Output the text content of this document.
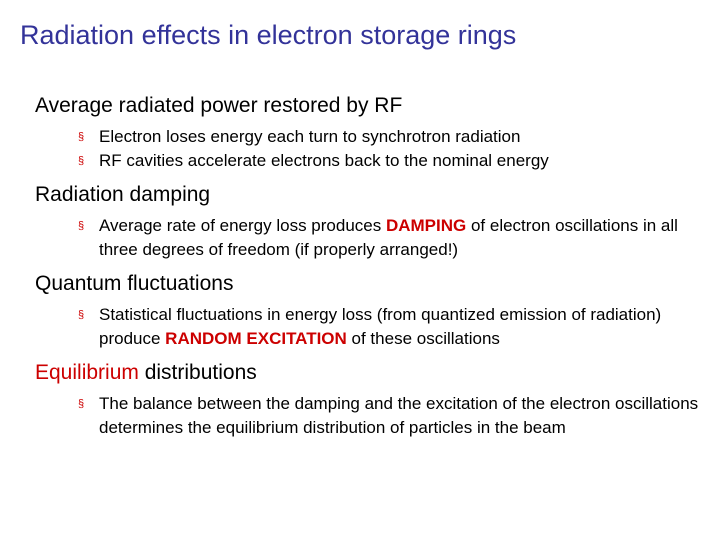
Radiation effects in electron storage rings
Average radiated power restored by RF
§ Electron loses energy each turn to synchrotron radiation
§ RF cavities accelerate electrons back to the nominal energy
Radiation damping
§ Average rate of energy loss produces DAMPING of electron oscillations in all three degrees of freedom (if properly arranged!)
Quantum fluctuations
§ Statistical fluctuations in energy loss (from quantized emission of radiation) produce RANDOM EXCITATION of these oscillations
Equilibrium distributions
§ The balance between the damping and the excitation of the electron oscillations determines the equilibrium distribution of particles in the beam
